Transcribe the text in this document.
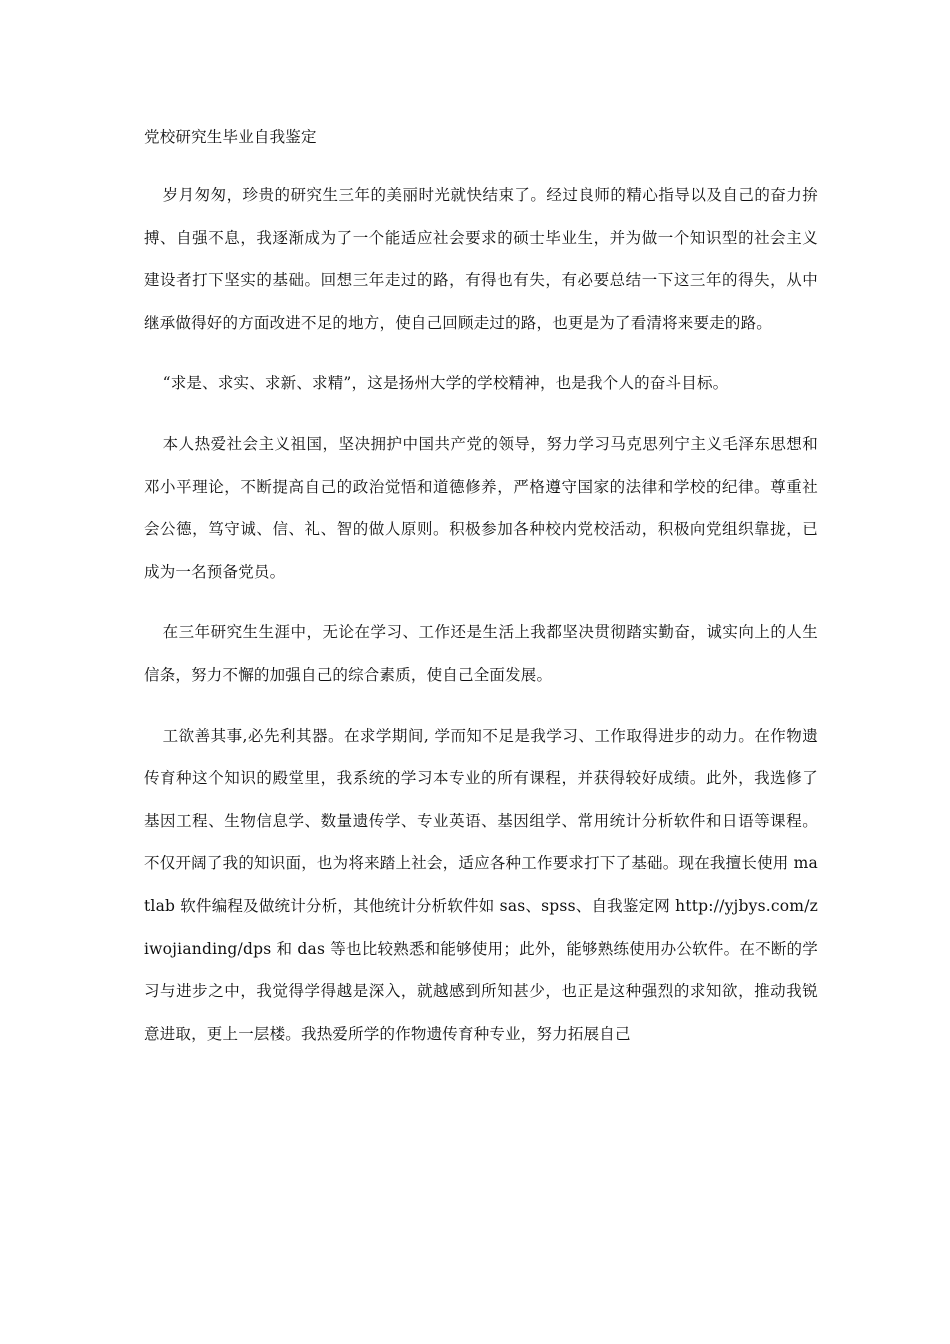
党校研究生毕业自我鉴定

岁月匆匆，珍贵的研究生三年的美丽时光就快结束了。经过良师的精心指导以及自己的奋力拚搏、自强不息，我逐渐成为了一个能适应社会要求的硕士毕业生，并为做一个知识型的社会主义建设者打下坚实的基础。回想三年走过的路，有得也有失，有必要总结一下这三年的得失，从中继承做得好的方面改进不足的地方，使自己回顾走过的路，也更是为了看清将来要走的路。

“求是、求实、求新、求精”，这是扬州大学的学校精神，也是我个人的奋斗目标。

本人热爱社会主义祖国，坚决拥护中国共产党的领导，努力学习马克思列宁主义毛泽东思想和邓小平理论，不断提高自己的政治觉悟和道德修养，严格遵守国家的法律和学校的纪律。尊重社会公德，笃守诚、信、礼、智的做人原则。积极参加各种校内党校活动，积极向党组织靠拢，已成为一名预备党员。

在三年研究生生涯中，无论在学习、工作还是生活上我都坚决贯彻踏实勤奋，诚实向上的人生信条，努力不懈的加强自己的综合素质，使自己全面发展。

工欲善其事,必先利其器。在求学期间, 学而知不足是我学习、工作取得进步的动力。在作物遗传育种这个知识的殿堂里，我系统的学习本专业的所有课程，并获得较好成绩。此外，我选修了基因工程、生物信息学、数量遗传学、专业英语、基因组学、常用统计分析软件和日语等课程。不仅开阔了我的知识面，也为将来踏上社会，适应各种工作要求打下了基础。现在我擅长使用 matlab 软件编程及做统计分析，其他统计分析软件如 sas、spss、自我鉴定网 http://yjbys.com/ziwojianding/dps 和 das 等也比较熟悉和能够使用；此外，能够熟练使用办公软件。在不断的学习与进步之中，我觉得学得越是深入，就越感到所知甚少，也正是这种强烈的求知欲，推动我锐意进取，更上一层楼。我热爱所学的作物遗传育种专业，努力拓展自己
